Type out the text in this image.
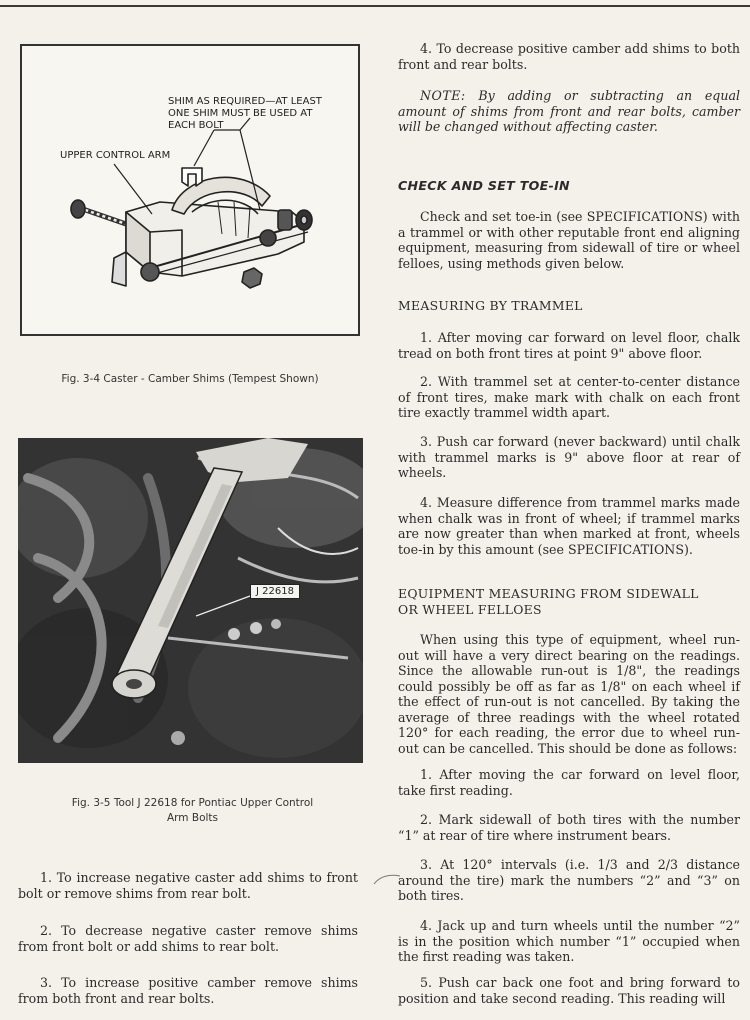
SHIM AS REQUIRED—AT LEAST ONE SHIM MUST BE USED AT EACH BOLT
UPPER CONTROL ARM
Fig. 3-4 Caster - Camber Shims (Tempest Shown)
J 22618
Fig. 3-5 Tool J 22618 for Pontiac Upper Control
Arm Bolts

1. To increase negative caster add shims to front bolt or remove shims from rear bolt.

2. To decrease negative caster remove shims from front bolt or add shims to rear bolt.

3. To increase positive camber remove shims from both front and rear bolts.

4. To decrease positive camber add shims to both front and rear bolts.

NOTE: By adding or subtracting an equal amount of shims from front and rear bolts, camber will be changed without affecting caster.

CHECK AND SET TOE-IN

Check and set toe-in (see SPECIFICATIONS) with a trammel or with other reputable front end aligning equipment, measuring from sidewall of tire or wheel felloes, using methods given below.

MEASURING BY TRAMMEL

1. After moving car forward on level floor, chalk tread on both front tires at point 9" above floor.

2. With trammel set at center-to-center distance of front tires, make mark with chalk on each front tire exactly trammel width apart.

3. Push car forward (never backward) until chalk with trammel marks is 9" above floor at rear of wheels.

4. Measure difference from trammel marks made when chalk was in front of wheel; if trammel marks are now greater than when marked at front, wheels toe-in by this amount (see SPECIFICATIONS).

EQUIPMENT MEASURING FROM SIDEWALL
OR WHEEL FELLOES

When using this type of equipment, wheel run-out will have a very direct bearing on the readings. Since the allowable run-out is 1/8", the readings could possibly be off as far as 1/8" on each wheel if the effect of run-out is not cancelled. By taking the average of three readings with the wheel rotated 120° for each reading, the error due to wheel run-out can be cancelled. This should be done as follows:

1. After moving the car forward on level floor, take first reading.

2. Mark sidewall of both tires with the number “1” at rear of tire where instrument bears.

3. At 120° intervals (i.e. 1/3 and 2/3 distance around the tire) mark the numbers “2” and “3” on both tires.

4. Jack up and turn wheels until the number “2” is in the position which number “1” occupied when the first reading was taken.

5. Push car back one foot and bring forward to position and take second reading. This reading will
